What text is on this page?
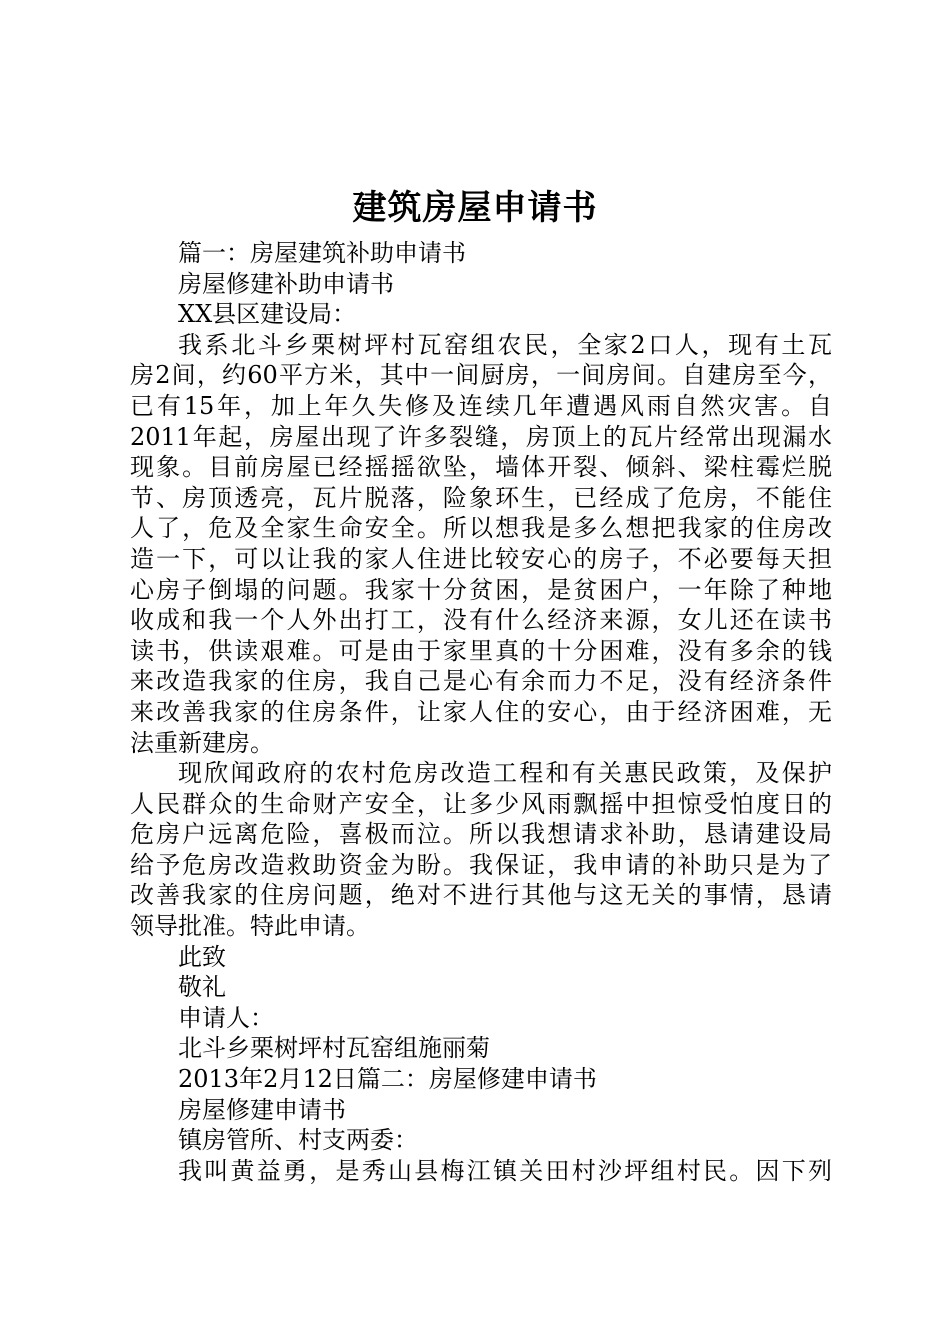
建筑房屋申请书
篇一：房屋建筑补助申请书
房屋修建补助申请书
XX县区建设局：
我系北斗乡栗树坪村瓦窑组农民，全家2口人，现有土瓦
房2间，约60平方米，其中一间厨房，一间房间。自建房至今，
已有15年，加上年久失修及连续几年遭遇风雨自然灾害。自
2011年起，房屋出现了许多裂缝，房顶上的瓦片经常出现漏水
现象。目前房屋已经摇摇欲坠，墙体开裂、倾斜、梁柱霉烂脱
节、房顶透亮，瓦片脱落，险象环生，已经成了危房，不能住
人了，危及全家生命安全。所以想我是多么想把我家的住房改
造一下，可以让我的家人住进比较安心的房子，不必要每天担
心房子倒塌的问题。我家十分贫困，是贫困户，一年除了种地
收成和我一个人外出打工，没有什么经济来源，女儿还在读书
读书，供读艰难。可是由于家里真的十分困难，没有多余的钱
来改造我家的住房，我自己是心有余而力不足，没有经济条件
来改善我家的住房条件，让家人住的安心，由于经济困难，无
法重新建房。
现欣闻政府的农村危房改造工程和有关惠民政策，及保护
人民群众的生命财产安全，让多少风雨飘摇中担惊受怕度日的
危房户远离危险，喜极而泣。所以我想请求补助，恳请建设局
给予危房改造救助资金为盼。我保证，我申请的补助只是为了
改善我家的住房问题，绝对不进行其他与这无关的事情，恳请
领导批准。特此申请。
此致
敬礼
申请人：
北斗乡栗树坪村瓦窑组施丽菊
2013年2月12日篇二：房屋修建申请书
房屋修建申请书
镇房管所、村支两委：
我叫黄益勇，是秀山县梅江镇关田村沙坪组村民。因下列
